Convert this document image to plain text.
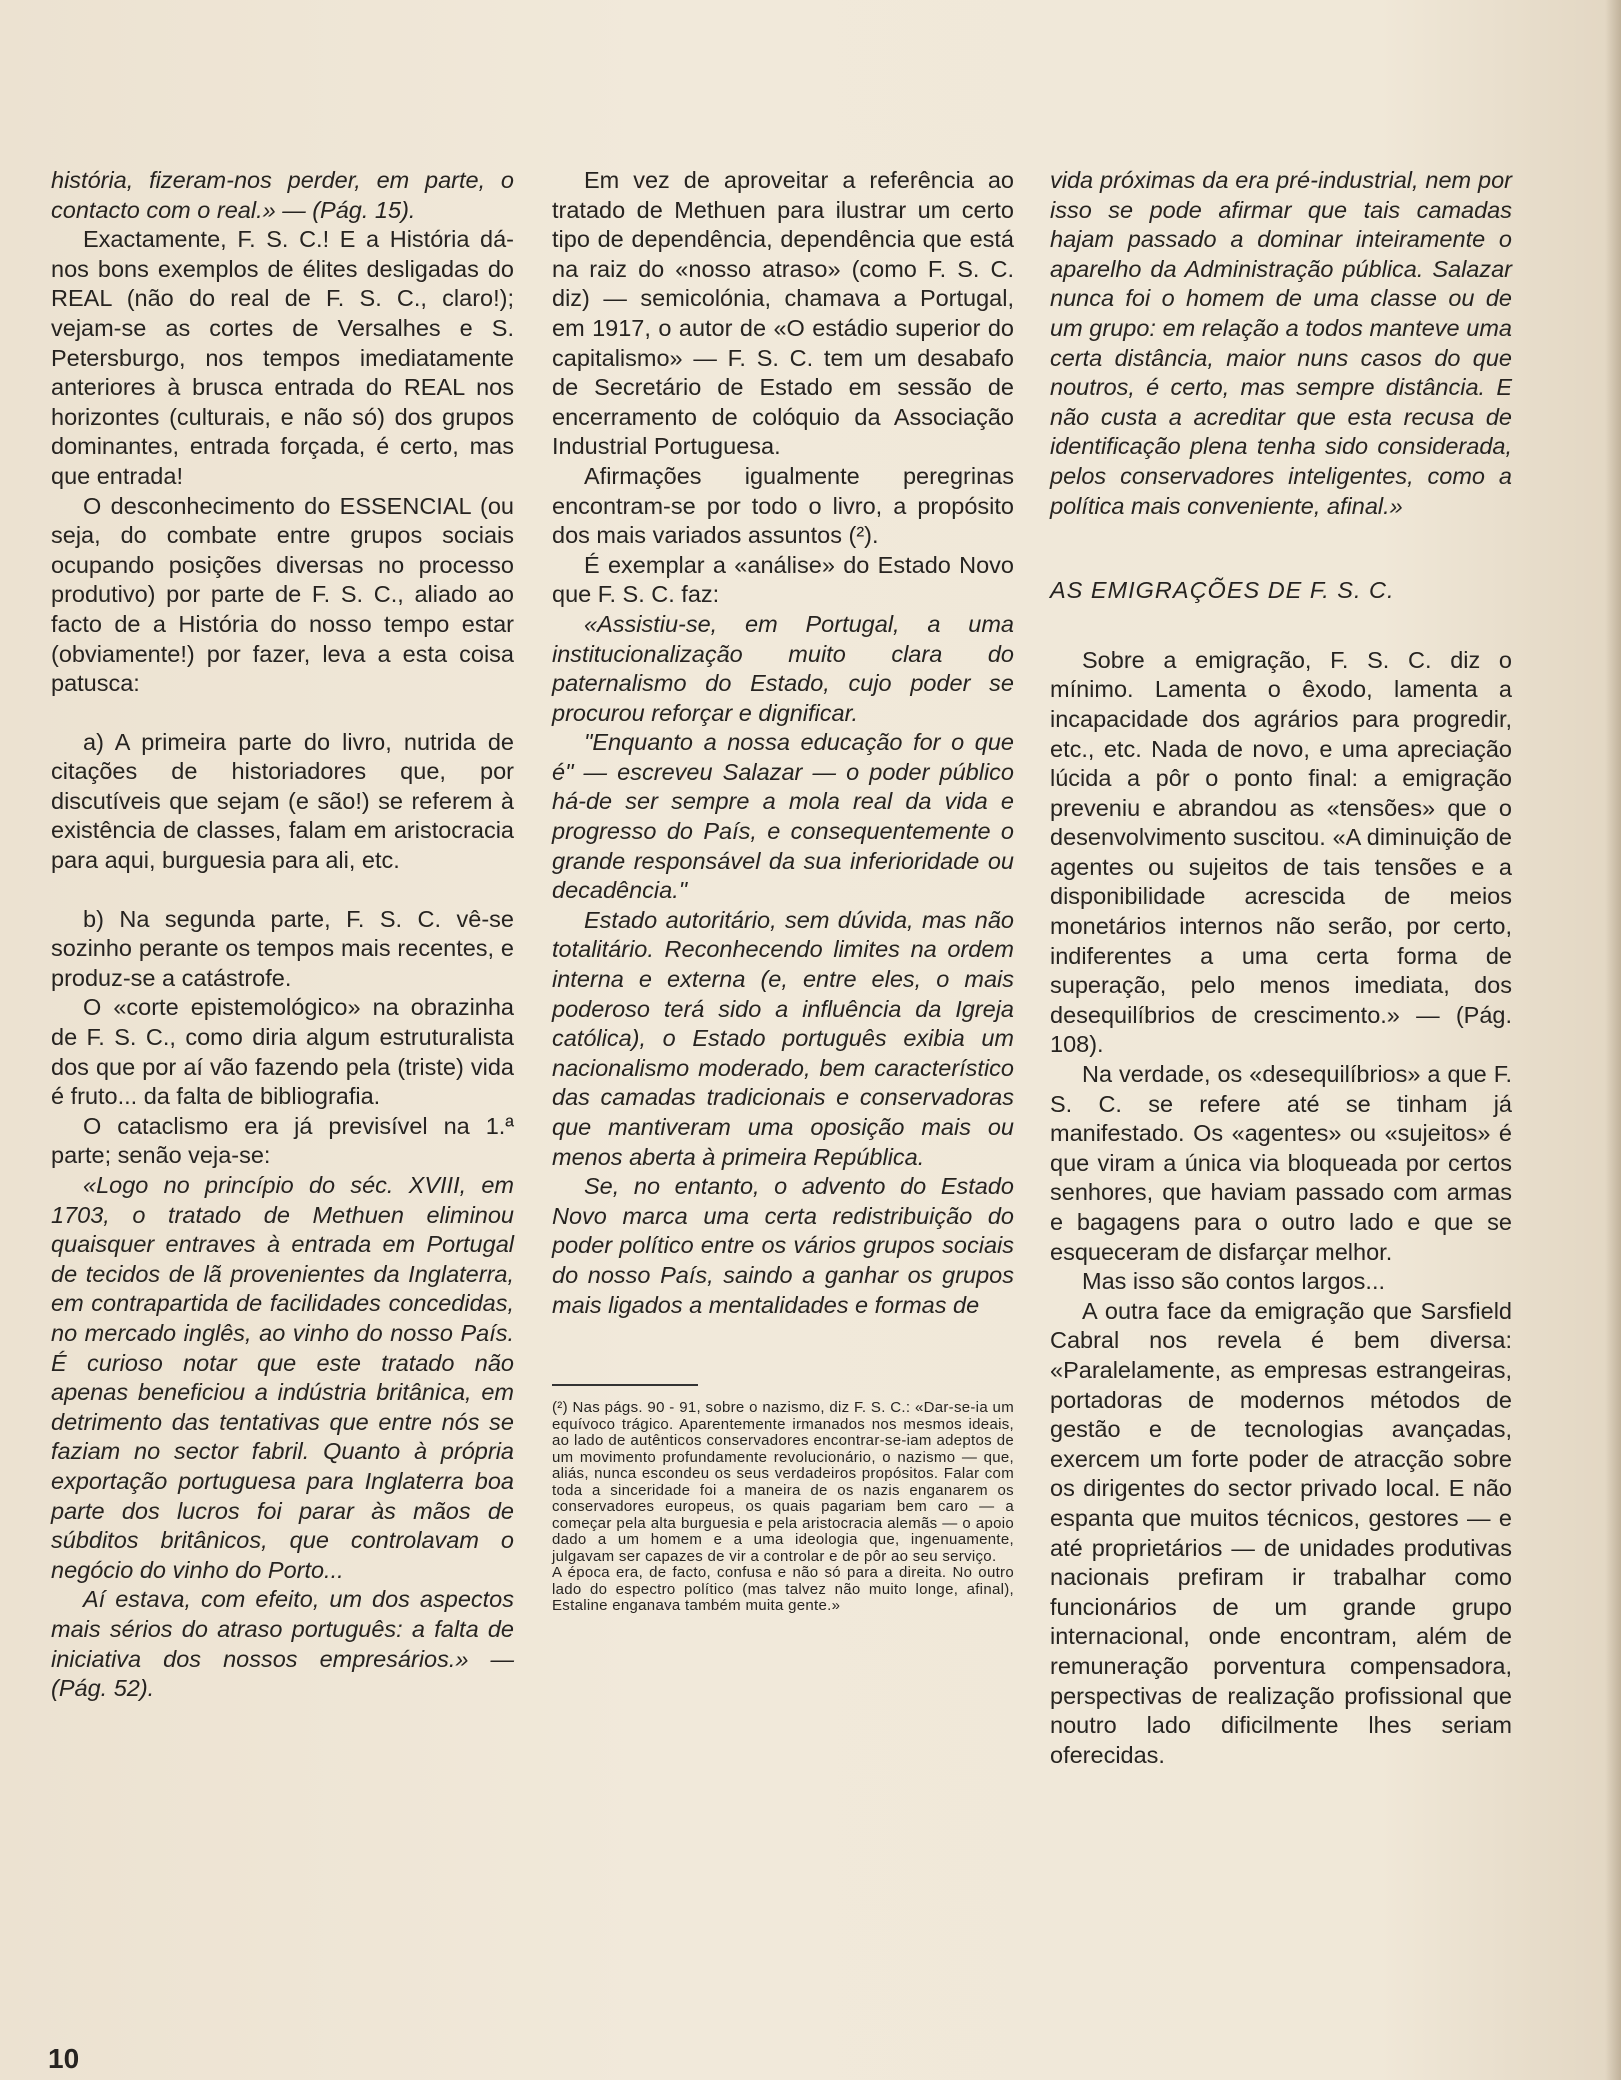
história, fizeram-nos perder, em parte, o contacto com o real.» — (Pág. 15).

Exactamente, F. S. C.! E a História dá-nos bons exemplos de élites desligadas do REAL (não do real de F. S. C., claro!); vejam-se as cortes de Versalhes e S. Petersburgo, nos tempos imediatamente anteriores à brusca entrada do REAL nos horizontes (culturais, e não só) dos grupos dominantes, entrada forçada, é certo, mas que entrada!

O desconhecimento do ESSENCIAL (ou seja, do combate entre grupos sociais ocupando posições diversas no processo produtivo) por parte de F. S. C., aliado ao facto de a História do nosso tempo estar (obviamente!) por fazer, leva a esta coisa patusca:

a) A primeira parte do livro, nutrida de citações de historiadores que, por discutíveis que sejam (e são!) se referem à existência de classes, falam em aristocracia para aqui, burguesia para ali, etc.

b) Na segunda parte, F. S. C. vê-se sozinho perante os tempos mais recentes, e produz-se a catástrofe.

O «corte epistemológico» na obrazinha de F. S. C., como diria algum estruturalista dos que por aí vão fazendo pela (triste) vida é fruto... da falta de bibliografia.

O cataclismo era já previsível na 1.ª parte; senão veja-se:

«Logo no princípio do séc. XVIII, em 1703, o tratado de Methuen eliminou quaisquer entraves à entrada em Portugal de tecidos de lã provenientes da Inglaterra, em contrapartida de facilidades concedidas, no mercado inglês, ao vinho do nosso País. É curioso notar que este tratado não apenas beneficiou a indústria britânica, em detrimento das tentativas que entre nós se faziam no sector fabril. Quanto à própria exportação portuguesa para Inglaterra boa parte dos lucros foi parar às mãos de súbditos britânicos, que controlavam o negócio do vinho do Porto...

Aí estava, com efeito, um dos aspectos mais sérios do atraso português: a falta de iniciativa dos nossos empresários.» — (Pág. 52).

Em vez de aproveitar a referência ao tratado de Methuen para ilustrar um certo tipo de dependência, dependência que está na raiz do «nosso atraso» (como F. S. C. diz) — semicolónia, chamava a Portugal, em 1917, o autor de «O estádio superior do capitalismo» — F. S. C. tem um desabafo de Secretário de Estado em sessão de encerramento de colóquio da Associação Industrial Portuguesa.

Afirmações igualmente peregrinas encontram-se por todo o livro, a propósito dos mais variados assuntos (²).

É exemplar a «análise» do Estado Novo que F. S. C. faz:

«Assistiu-se, em Portugal, a uma institucionalização muito clara do paternalismo do Estado, cujo poder se procurou reforçar e dignificar.

"Enquanto a nossa educação for o que é" — escreveu Salazar — o poder público há-de ser sempre a mola real da vida e progresso do País, e consequentemente o grande responsável da sua inferioridade ou decadência."

Estado autoritário, sem dúvida, mas não totalitário. Reconhecendo limites na ordem interna e externa (e, entre eles, o mais poderoso terá sido a influência da Igreja católica), o Estado português exibia um nacionalismo moderado, bem característico das camadas tradicionais e conservadoras que mantiveram uma oposição mais ou menos aberta à primeira República.

Se, no entanto, o advento do Estado Novo marca uma certa redistribuição do poder político entre os vários grupos sociais do nosso País, saindo a ganhar os grupos mais ligados a mentalidades e formas de

(²) Nas págs. 90 - 91, sobre o nazismo, diz F. S. C.: «Dar-se-ia um equívoco trágico. Aparentemente irmanados nos mesmos ideais, ao lado de autênticos conservadores encontrar-se-iam adeptos de um movimento profundamente revolucionário, o nazismo — que, aliás, nunca escondeu os seus verdadeiros propósitos. Falar com toda a sinceridade foi a maneira de os nazis enganarem os conservadores europeus, os quais pagariam bem caro — a começar pela alta burguesia e pela aristocracia alemãs — o apoio dado a um homem e a uma ideologia que, ingenuamente, julgavam ser capazes de vir a controlar e de pôr ao seu serviço.
A época era, de facto, confusa e não só para a direita. No outro lado do espectro político (mas talvez não muito longe, afinal), Estaline enganava também muita gente.»

vida próximas da era pré-industrial, nem por isso se pode afirmar que tais camadas hajam passado a dominar inteiramente o aparelho da Administração pública. Salazar nunca foi o homem de uma classe ou de um grupo: em relação a todos manteve uma certa distância, maior nuns casos do que noutros, é certo, mas sempre distância. E não custa a acreditar que esta recusa de identificação plena tenha sido considerada, pelos conservadores inteligentes, como a política mais conveniente, afinal.»

AS EMIGRAÇÕES DE F. S. C.

Sobre a emigração, F. S. C. diz o mínimo. Lamenta o êxodo, lamenta a incapacidade dos agrários para progredir, etc., etc. Nada de novo, e uma apreciação lúcida a pôr o ponto final: a emigração preveniu e abrandou as «tensões» que o desenvolvimento suscitou. «A diminuição de agentes ou sujeitos de tais tensões e a disponibilidade acrescida de meios monetários internos não serão, por certo, indiferentes a uma certa forma de superação, pelo menos imediata, dos desequilíbrios de crescimento.» — (Pág. 108).

Na verdade, os «desequilíbrios» a que F. S. C. se refere até se tinham já manifestado. Os «agentes» ou «sujeitos» é que viram a única via bloqueada por certos senhores, que haviam passado com armas e bagagens para o outro lado e que se esqueceram de disfarçar melhor.

Mas isso são contos largos...

A outra face da emigração que Sarsfield Cabral nos revela é bem diversa: «Paralelamente, as empresas estrangeiras, portadoras de modernos métodos de gestão e de tecnologias avançadas, exercem um forte poder de atracção sobre os dirigentes do sector privado local. E não espanta que muitos técnicos, gestores — e até proprietários — de unidades produtivas nacionais prefiram ir trabalhar como funcionários de um grande grupo internacional, onde encontram, além de remuneração porventura compensadora, perspectivas de realização profissional que noutro lado dificilmente lhes seriam oferecidas.

10
